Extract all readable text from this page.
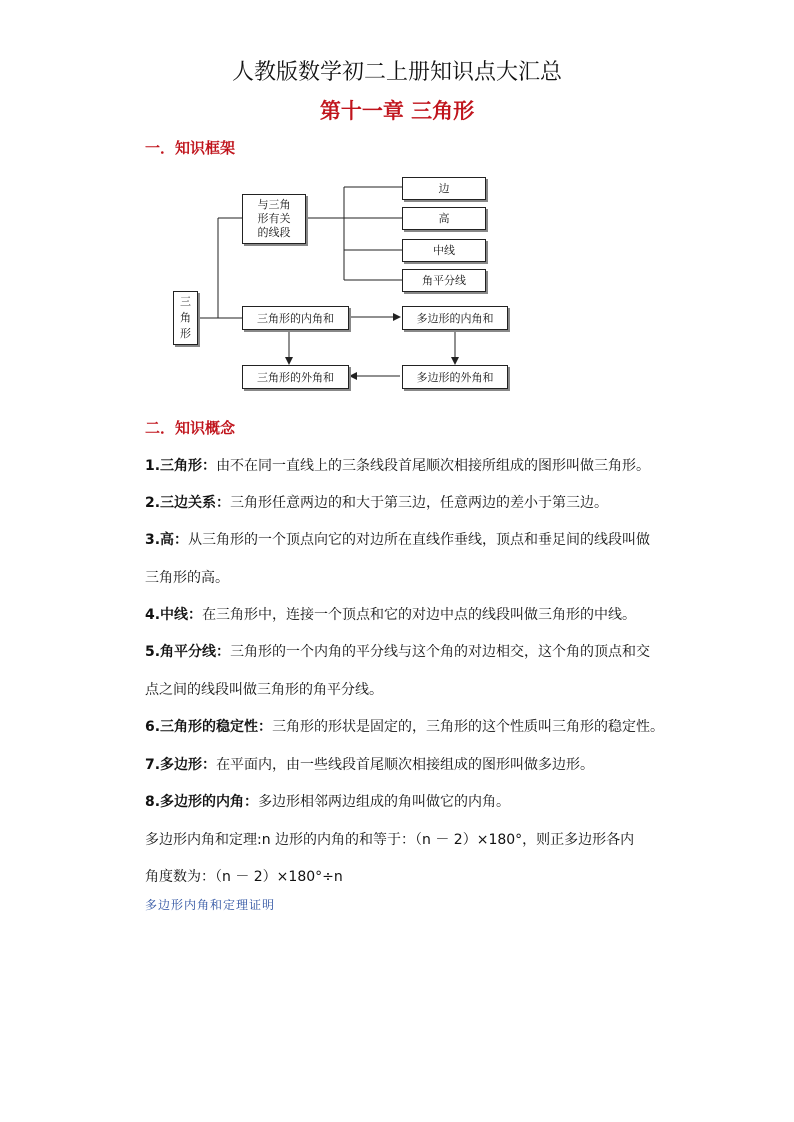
人教版数学初二上册知识点大汇总
第十一章 三角形
一．知识框架
三
角
形
与三角
形有关
的线段
边
高
中线
角平分线
三角形的内角和	多边形的内角和
三角形的外角和	多边形的外角和
二．知识概念
1.三角形：由不在同一直线上的三条线段首尾顺次相接所组成的图形叫做三角形。
2.三边关系：三角形任意两边的和大于第三边，任意两边的差小于第三边。
3.高：从三角形的一个顶点向它的对边所在直线作垂线，顶点和垂足间的线段叫做
三角形的高。
4.中线：在三角形中，连接一个顶点和它的对边中点的线段叫做三角形的中线。
5.角平分线：三角形的一个内角的平分线与这个角的对边相交，这个角的顶点和交
点之间的线段叫做三角形的角平分线。
6.三角形的稳定性：三角形的形状是固定的，三角形的这个性质叫三角形的稳定性。
7.多边形：在平面内，由一些线段首尾顺次相接组成的图形叫做多边形。
8.多边形的内角：多边形相邻两边组成的角叫做它的内角。
多边形内角和定理:n 边形的内角的和等于：（n － 2）×180°，则正多边形各内
角度数为：（n － 2）×180°÷n
多边形内角和定理证明
